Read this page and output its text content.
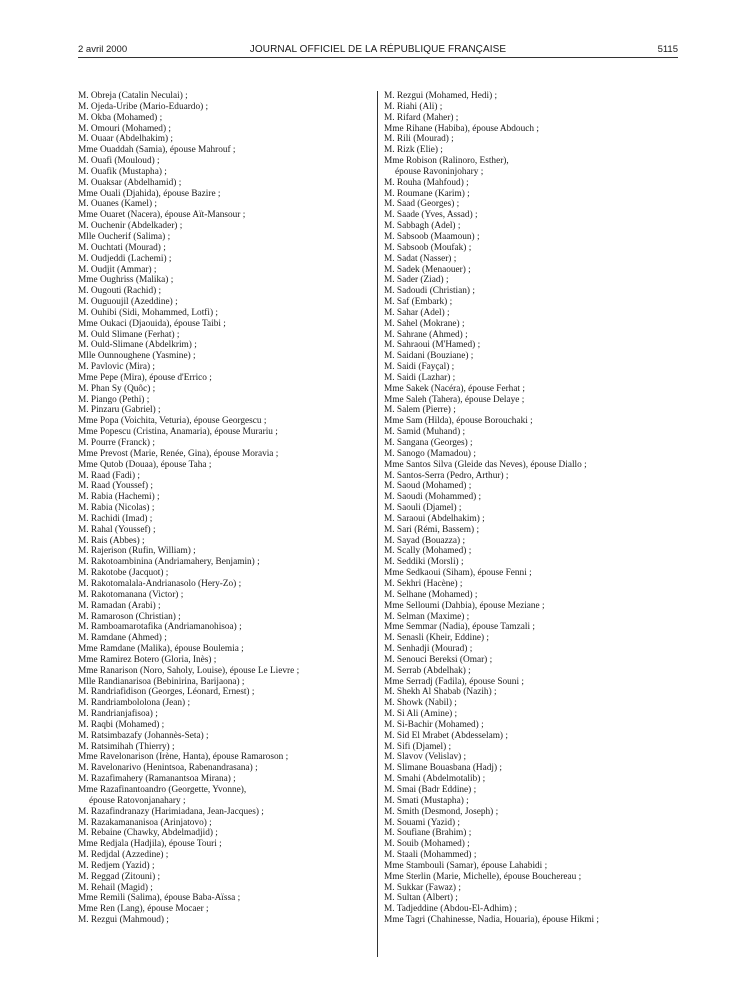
2 avril 2000	JOURNAL OFFICIEL DE LA RÉPUBLIQUE FRANÇAISE	5115

M. Obreja (Catalin Neculai) ;

M. Ojeda-Uribe (Mario-Eduardo) ;

M. Okba (Mohamed) ;

M. Omouri (Mohamed) ;

M. Ouaar (Abdelhakim) ;

Mme Ouaddah (Samia), épouse Mahrouf ;

M. Ouafi (Mouloud) ;

M. Ouafik (Mustapha) ;

M. Ouaksar (Abdelhamid) ;

Mme Ouali (Djahida), épouse Bazire ;

M. Ouanes (Kamel) ;

Mme Ouaret (Nacera), épouse Aït-Mansour ;

M. Ouchenir (Abdelkader) ;

Mlle Oucherif (Salima) ;

M. Ouchtati (Mourad) ;

M. Oudjeddi (Lachemi) ;

M. Oudjit (Ammar) ;

Mme Oughriss (Malika) ;

M. Ougouti (Rachid) ;

M. Ouguoujil (Azeddine) ;

M. Ouhibi (Sidi, Mohammed, Lotfi) ;

Mme Oukaci (Djaouida), épouse Taibi ;

M. Ould Slimane (Ferhat) ;

M. Ould-Slimane (Abdelkrim) ;

Mlle Ounnoughene (Yasmine) ;

M. Pavlovic (Mira) ;

Mme Pepe (Mira), épouse d'Errico ;

M. Phan Sy (Quôc) ;

M. Piango (Pethi) ;

M. Pinzaru (Gabriel) ;

Mme Popa (Voichita, Veturia), épouse Georgescu ;

Mme Popescu (Cristina, Anamaria), épouse Murariu ;

M. Pourre (Franck) ;

Mme Prevost (Marie, Renée, Gina), épouse Moravia ;

Mme Qutob (Douaa), épouse Taha ;

M. Raad (Fadi) ;

M. Raad (Youssef) ;

M. Rabia (Hachemi) ;

M. Rabia (Nicolas) ;

M. Rachidi (Imad) ;

M. Rahal (Youssef) ;

M. Rais (Abbes) ;

M. Rajerison (Rufin, William) ;

M. Rakotoambinina (Andriamahery, Benjamin) ;

M. Rakotobe (Jacquot) ;

M. Rakotomalala-Andrianasolo (Hery-Zo) ;

M. Rakotomanana (Victor) ;

M. Ramadan (Arabi) ;

M. Ramaroson (Christian) ;

M. Ramboamarotafika (Andriamanohisoa) ;

M. Ramdane (Ahmed) ;

Mme Ramdane (Malika), épouse Boulemia ;

Mme Ramirez Botero (Gloria, Inès) ;

Mme Ranarison (Noro, Saholy, Louise), épouse Le Lievre ;

Mlle Randianarisoa (Bebinirina, Barijaona) ;

M. Randriafidison (Georges, Léonard, Ernest) ;

M. Randriambololona (Jean) ;

M. Randrianjafisoa) ;

M. Raqbi (Mohamed) ;

M. Ratsimbazafy (Johannès-Seta) ;

M. Ratsimihah (Thierry) ;

Mme Ravelonarison (Irène, Hanta), épouse Ramaroson ;

M. Ravelonarivo (Henintsoa, Rabenandrasana) ;

M. Razafimahery (Ramanantsoa Mirana) ;

Mme Razafinantoandro (Georgette, Yvonne),

épouse Ratovonjanahary ;

M. Razafindranazy (Harimiadana, Jean-Jacques) ;

M. Razakamananisoa (Arinjatovo) ;

M. Rebaine (Chawky, Abdelmadjid) ;

Mme Redjala (Hadjila), épouse Touri ;

M. Redjdal (Azzedine) ;

M. Redjem (Yazid) ;

M. Reggad (Zitouni) ;

M. Rehail (Magid) ;

Mme Remili (Salima), épouse Baba-Aïssa ;

Mme Ren (Lang), épouse Mocaer ;

M. Rezgui (Mahmoud) ;

M. Rezgui (Mohamed, Hedi) ;

M. Riahi (Ali) ;

M. Rifard (Maher) ;

Mme Rihane (Habiba), épouse Abdouch ;

M. Rili (Mourad) ;

M. Rizk (Elie) ;

Mme Robison (Ralinoro, Esther),

épouse Ravoninjohary ;

M. Rouha (Mahfoud) ;

M. Roumane (Karim) ;

M. Saad (Georges) ;

M. Saade (Yves, Assad) ;

M. Sabbagh (Adel) ;

M. Sabsoob (Maamoun) ;

M. Sabsoob (Moufak) ;

M. Sadat (Nasser) ;

M. Sadek (Menaouer) ;

M. Sader (Ziad) ;

M. Sadoudi (Christian) ;

M. Saf (Embark) ;

M. Sahar (Adel) ;

M. Sahel (Mokrane) ;

M. Sahrane (Ahmed) ;

M. Sahraoui (M'Hamed) ;

M. Saidani (Bouziane) ;

M. Saidi (Fayçal) ;

M. Saidi (Lazhar) ;

Mme Sakek (Nacéra), épouse Ferhat ;

Mme Saleh (Tahera), épouse Delaye ;

M. Salem (Pierre) ;

Mme Sam (Hilda), épouse Borouchaki ;

M. Samid (Muhand) ;

M. Sangana (Georges) ;

M. Sanogo (Mamadou) ;

Mme Santos Silva (Gleide das Neves), épouse Diallo ;

M. Santos-Serra (Pedro, Arthur) ;

M. Saoud (Mohamed) ;

M. Saoudi (Mohammed) ;

M. Saouli (Djamel) ;

M. Saraoui (Abdelhakim) ;

M. Sari (Rémi, Bassem) ;

M. Sayad (Bouazza) ;

M. Scally (Mohamed) ;

M. Seddiki (Morsli) ;

Mme Sedkaoui (Siham), épouse Fenni ;

M. Sekhri (Hacène) ;

M. Selhane (Mohamed) ;

Mme Selloumi (Dahbia), épouse Meziane ;

M. Selman (Maxime) ;

Mme Semmar (Nadia), épouse Tamzali ;

M. Senasli (Kheir, Eddine) ;

M. Senhadji (Mourad) ;

M. Senouci Bereksi (Omar) ;

M. Serrab (Abdelhak) ;

Mme Serradj (Fadila), épouse Souni ;

M. Shekh Al Shabab (Nazih) ;

M. Showk (Nabil) ;

M. Si Ali (Amine) ;

M. Si-Bachir (Mohamed) ;

M. Sid El Mrabet (Abdesselam) ;

M. Sifi (Djamel) ;

M. Slavov (Velislav) ;

M. Slimane Bouasbana (Hadj) ;

M. Smahi (Abdelmotalib) ;

M. Smai (Badr Eddine) ;

M. Smati (Mustapha) ;

M. Smith (Desmond, Joseph) ;

M. Souami (Yazid) ;

M. Soufiane (Brahim) ;

M. Souib (Mohamed) ;

M. Staali (Mohammed) ;

Mme Stambouli (Samar), épouse Lahabidi ;

Mme Sterlin (Marie, Michelle), épouse Bouchereau ;

M. Sukkar (Fawaz) ;

M. Sultan (Albert) ;

M. Tadjeddine (Abdou-El-Adhim) ;

Mme Tagri (Chahinesse, Nadia, Houaria), épouse Hikmi ;
